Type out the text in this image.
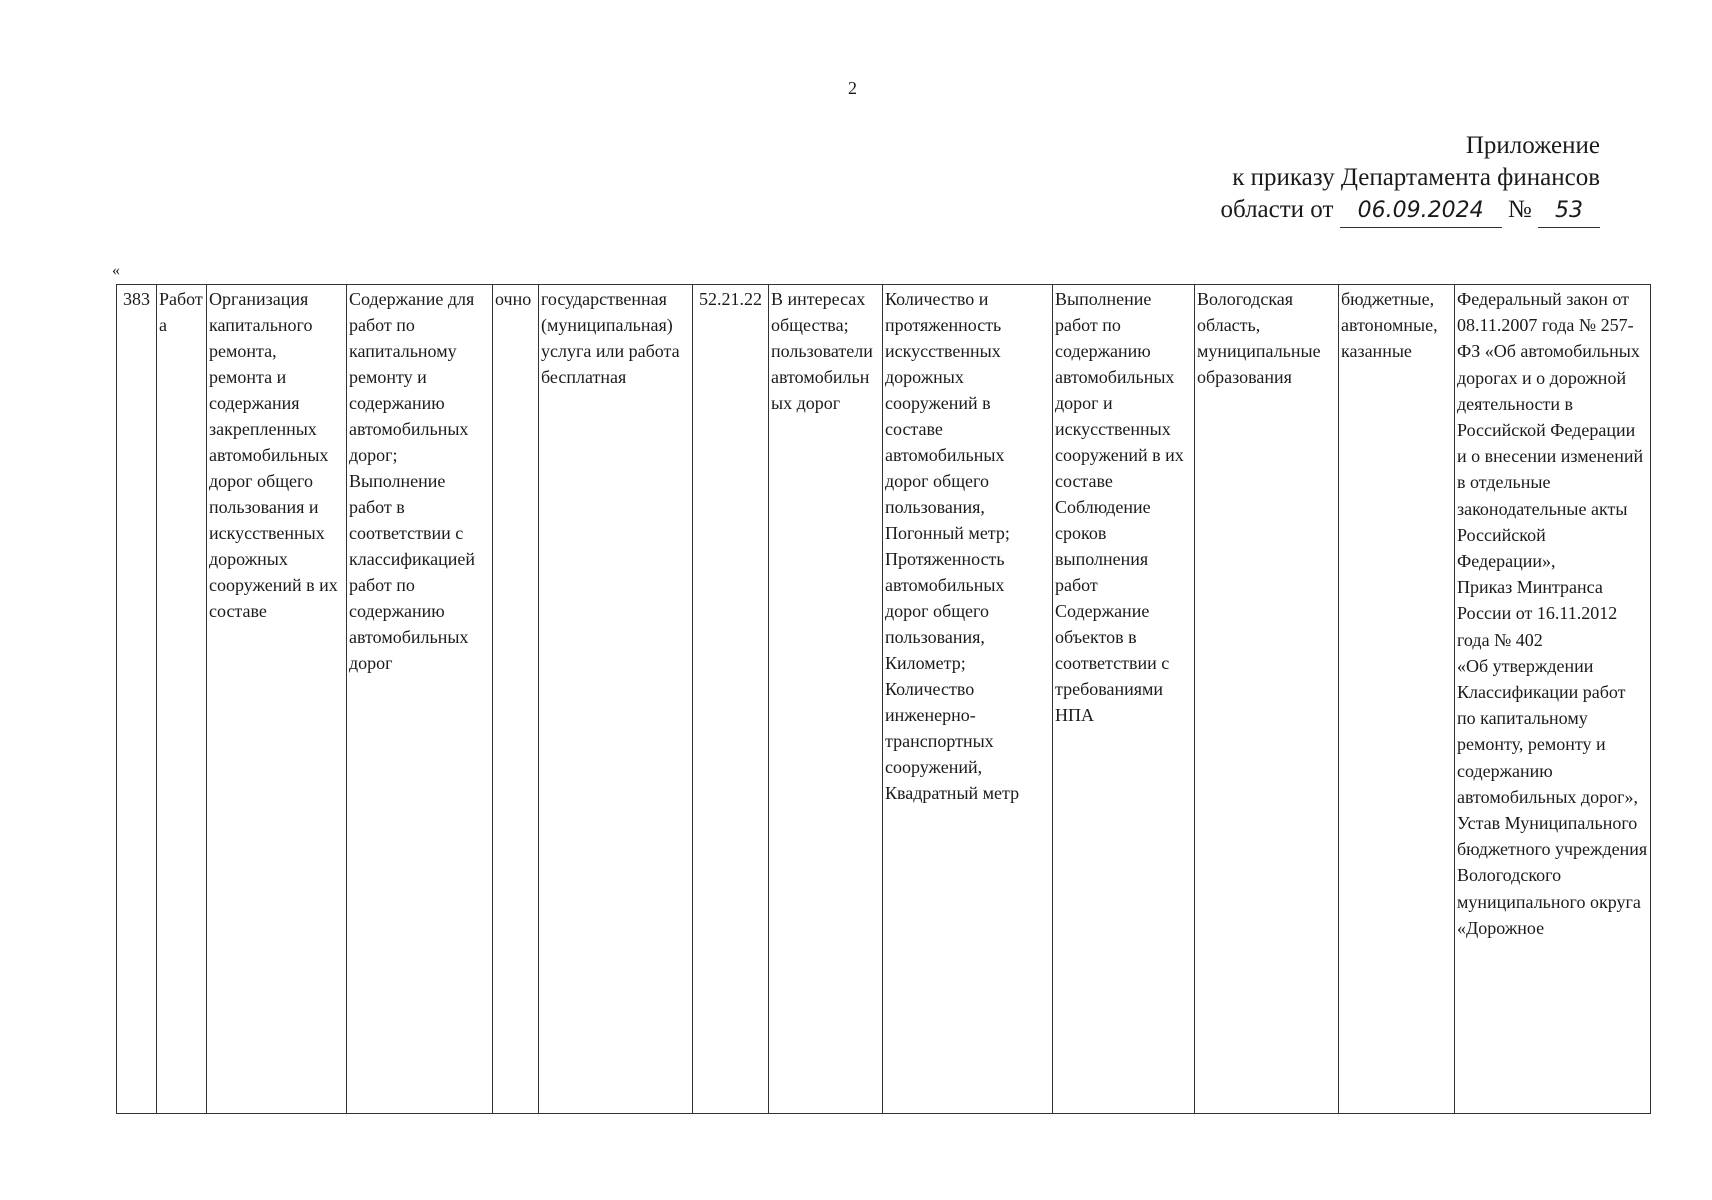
2
Приложение
к приказу Департамента финансов
области от 06.09.2024 № 53
«
383	Работа	Организация капитального ремонта, ремонта и содержания закрепленных автомобильных дорог общего пользования и искусственных дорожных сооружений в их составе	Содержание для работ по капитальному ремонту и содержанию автомобильных дорог;
Выполнение работ в соответствии с классификацией работ по содержанию автомобильных дорог	очно	государственная (муниципальная) услуга или работа бесплатная	52.21.22	В интересах общества; пользователи автомобильных дорог	Количество и протяженность искусственных дорожных сооружений в составе автомобильных дорог общего пользования, Погонный метр;
Протяженность автомобильных дорог общего пользования, Километр;
Количество инженерно-транспортных сооружений, Квадратный метр	Выполнение работ по содержанию автомобильных дорог и искусственных сооружений в их составе
Соблюдение сроков выполнения работ
Содержание объектов в соответствии с требованиями НПА	Вологодская область, муниципальные образования	бюджетные, автономные, казанные	Федеральный закон от 08.11.2007 года № 257-ФЗ «Об автомобильных дорогах и о дорожной деятельности в Российской Федерации и о внесении изменений в отдельные законодательные акты Российской Федерации»,
Приказ Минтранса России от 16.11.2012 года № 402
«Об утверждении Классификации работ по капитальному ремонту, ремонту и содержанию автомобильных дорог», Устав Муниципального бюджетного учреждения Вологодского муниципального округа «Дорожное
